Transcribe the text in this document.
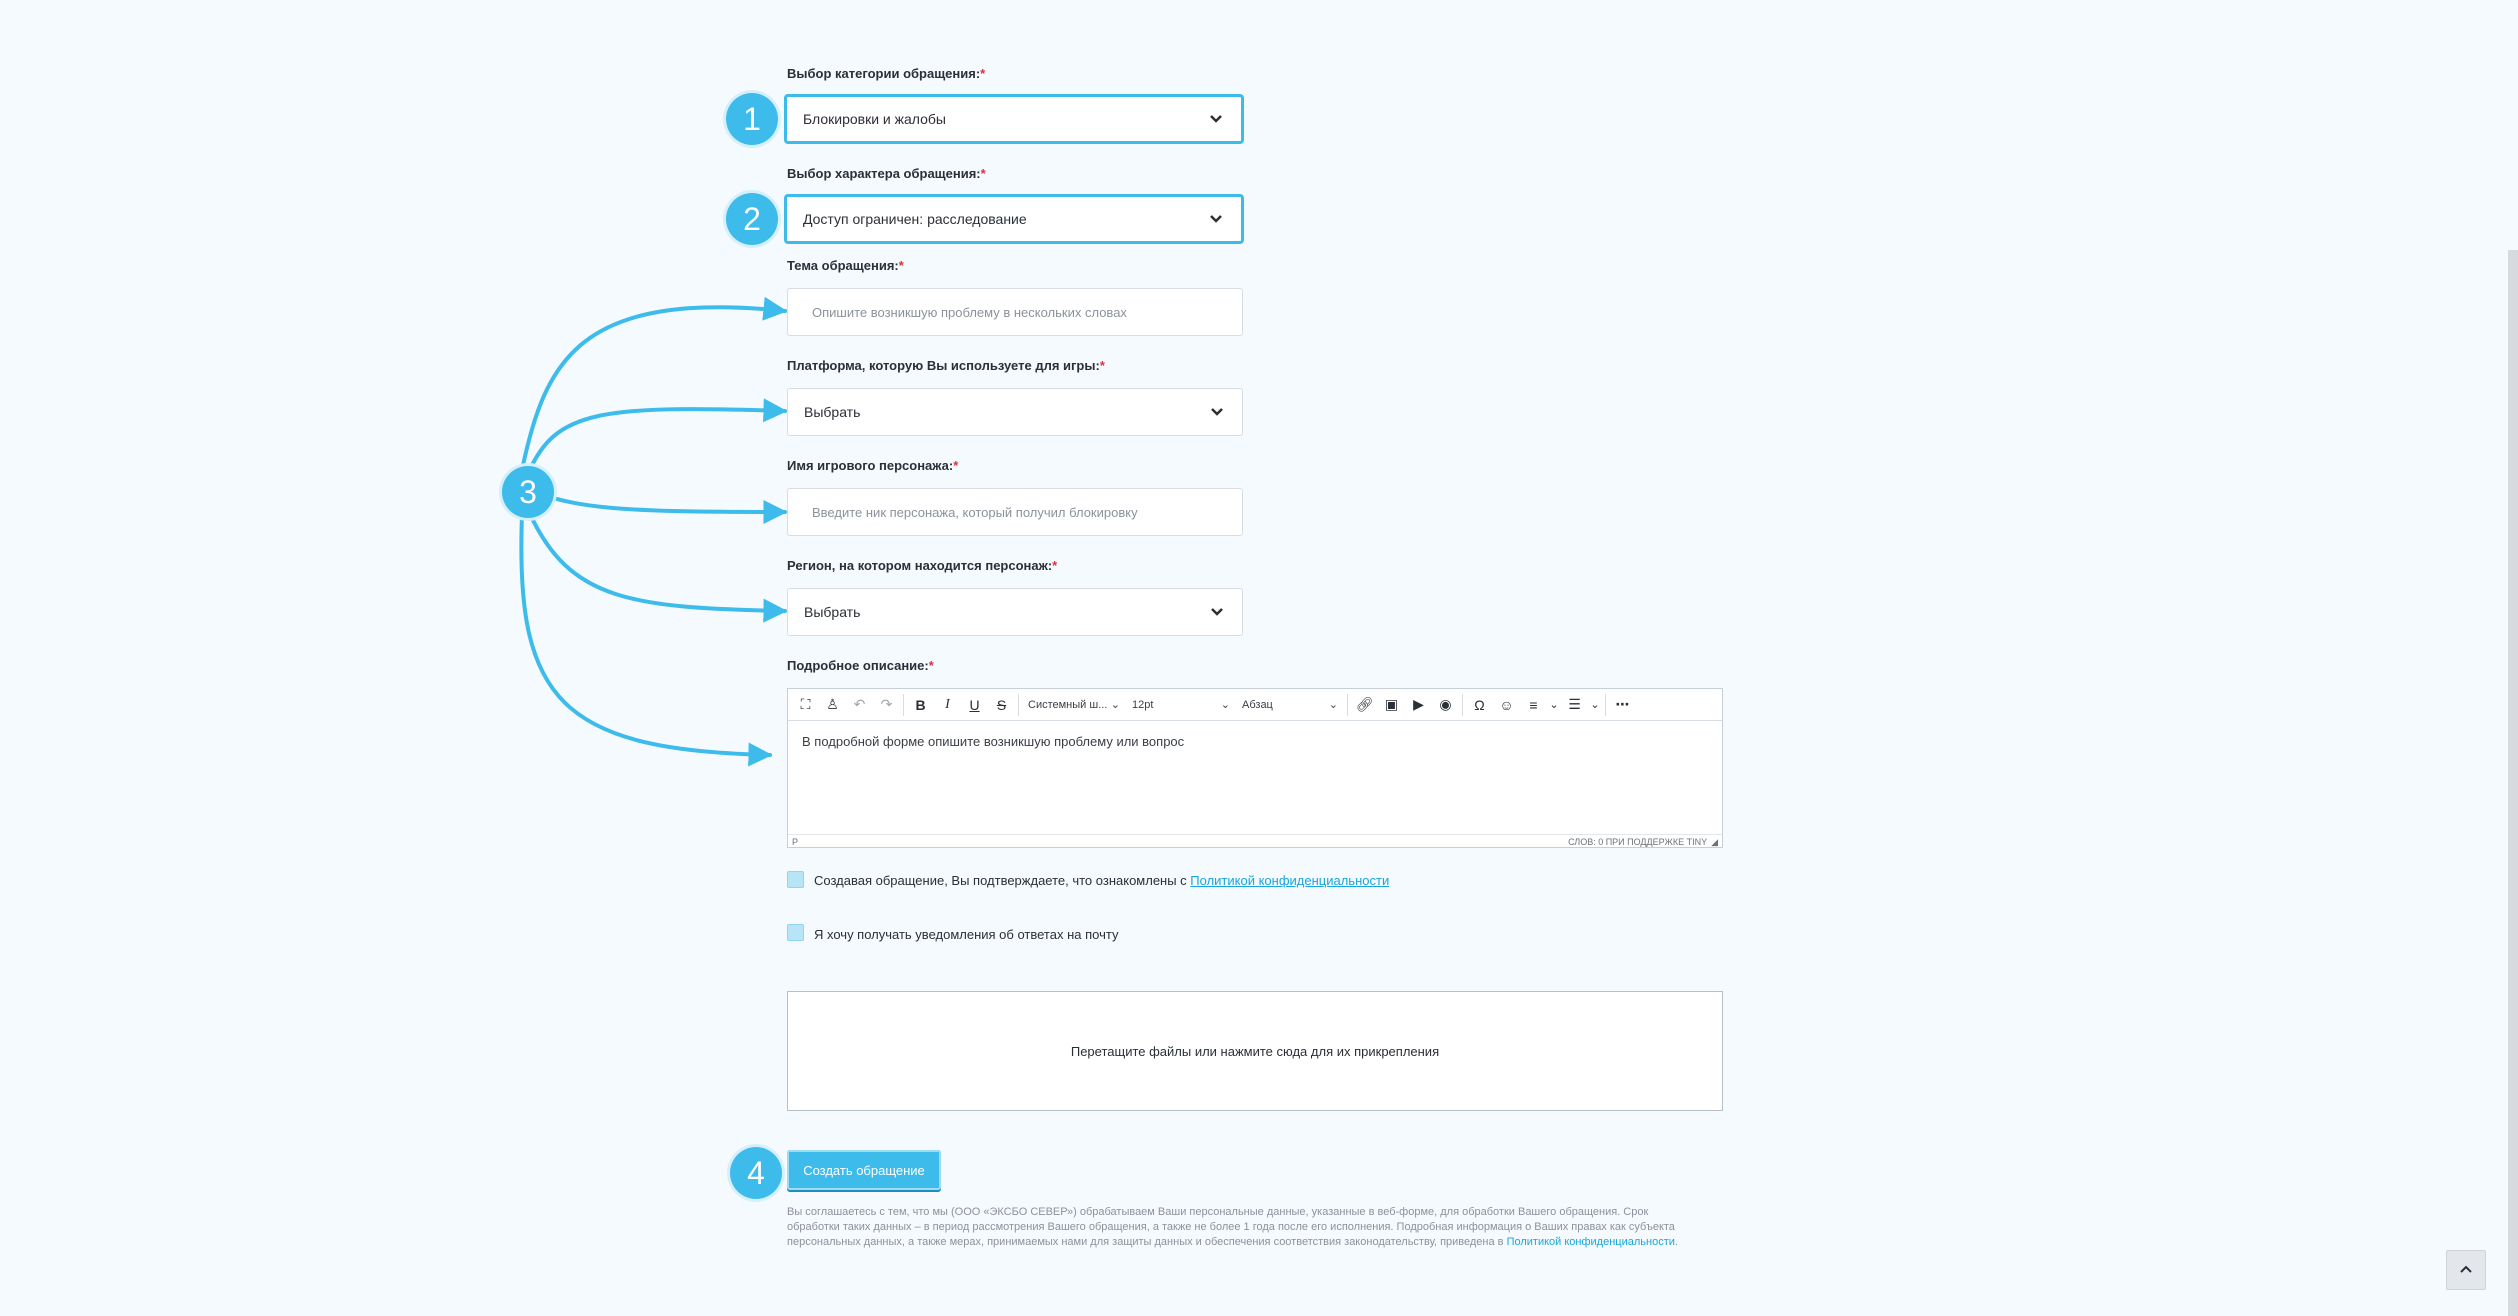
1
2
3
4
Выбор категории обращения:*
Блокировки и жалобы
Выбор характера обращения:*
Доступ ограничен: расследование
Тема обращения:*
Опишите возникшую проблему в нескольких словах
Платформа, которую Вы используете для игры:*
Выбрать
Имя игрового персонажа:*
Введите ник персонажа, который получил блокировку
Регион, на котором находится персонаж:*
Выбрать
Подробное описание:*
⛶	♙	↶	↷	B	I	U	S	Системный ш... ⌄ 12pt	⌄ Абзац	⌄	🔗︎ ▣	▶	◉	Ω	☺	≡	⌄ ☰ ⌄	⋯
В подробной форме опишите возникшую проблему или вопрос
P	СЛОВ: 0 ПРИ ПОДДЕРЖКЕ TINY ◢
Создавая обращение, Вы подтверждаете, что ознакомлены с Политикой конфиденциальности
Я хочу получать уведомления об ответах на почту
Перетащите файлы или нажмите сюда для их прикрепления
Создать обращение
Вы соглашаетесь с тем, что мы (ООО «ЭКСБО СЕВЕР») обрабатываем Ваши персональные данные, указанные в веб-форме, для обработки Вашего обращения. Срок обработки таких данных – в период рассмотрения Вашего обращения, а также не более 1 года после его исполнения. Подробная информация о Ваших правах как субъекта персональных данных, а также мерах, принимаемых нами для защиты данных и обеспечения соответствия законодательству, приведена в Политикой конфиденциальности.
